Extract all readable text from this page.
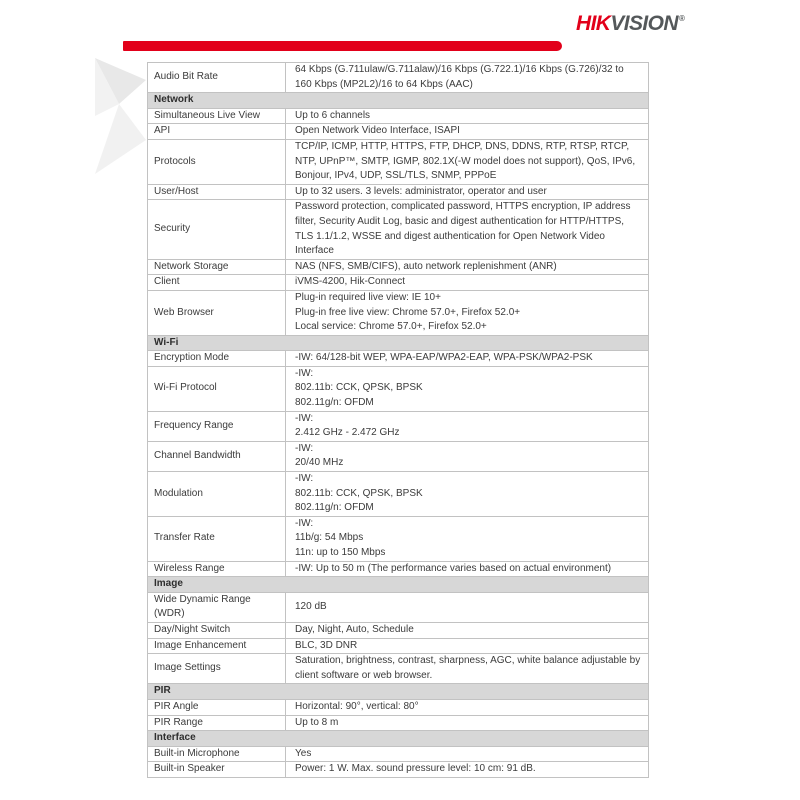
HIKVISION®
Audio Bit Rate	64 Kbps (G.711ulaw/G.711alaw)/16 Kbps (G.722.1)/16 Kbps (G.726)/32 to 160 Kbps (MP2L2)/16 to 64 Kbps (AAC)
Network	
Simultaneous Live View	Up to 6 channels
API	Open Network Video Interface, ISAPI
Protocols	TCP/IP, ICMP, HTTP, HTTPS, FTP, DHCP, DNS, DDNS, RTP, RTSP, RTCP, NTP, UPnP™, SMTP, IGMP, 802.1X(-W model does not support), QoS, IPv6, Bonjour, IPv4, UDP, SSL/TLS, SNMP, PPPoE
User/Host	Up to 32 users. 3 levels: administrator, operator and user
Security	Password protection, complicated password, HTTPS encryption, IP address filter, Security Audit Log, basic and digest authentication for HTTP/HTTPS, TLS 1.1/1.2, WSSE and digest authentication for Open Network Video Interface
Network Storage	NAS (NFS, SMB/CIFS), auto network replenishment (ANR)
Client	iVMS-4200, Hik-Connect
Web Browser	Plug-in required live view: IE 10+
Plug-in free live view: Chrome 57.0+, Firefox 52.0+
Local service: Chrome 57.0+, Firefox 52.0+

Wi-Fi	
Encryption Mode	-IW: 64/128-bit WEP, WPA-EAP/WPA2-EAP, WPA-PSK/WPA2-PSK
Wi-Fi Protocol	-IW:
802.11b: CCK, QPSK, BPSK
802.11g/n: OFDM

Frequency Range	-IW:
2.412 GHz - 2.472 GHz

Channel Bandwidth	-IW:
20/40 MHz

Modulation	-IW:
802.11b: CCK, QPSK, BPSK
802.11g/n: OFDM

Transfer Rate	-IW:
11b/g: 54 Mbps
11n: up to 150 Mbps

Wireless Range	-IW: Up to 50 m (The performance varies based on actual environment)
Image	
Wide Dynamic Range (WDR)	120 dB
Day/Night Switch	Day, Night, Auto, Schedule
Image Enhancement	BLC, 3D DNR
Image Settings	Saturation, brightness, contrast, sharpness, AGC, white balance adjustable by client software or web browser.
PIR	
PIR Angle	Horizontal: 90°, vertical: 80°
PIR Range	Up to 8 m
Interface	
Built-in Microphone	Yes
Built-in Speaker	Power: 1 W. Max. sound pressure level: 10 cm: 91 dB.
